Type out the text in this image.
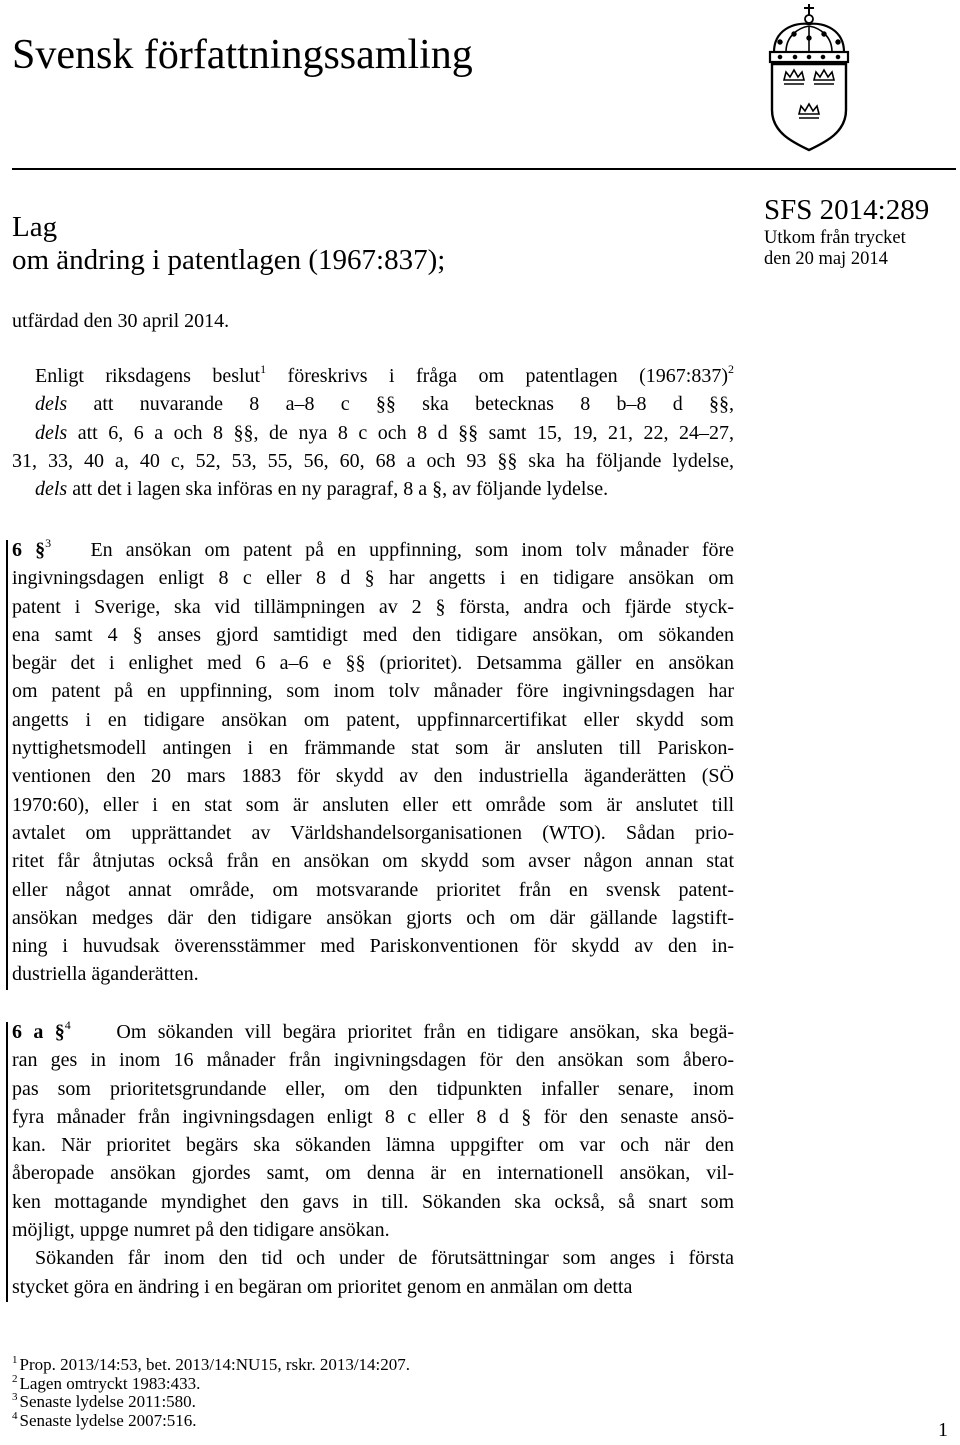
Svensk författningssamling
Lag
om ändring i patentlagen (1967:837);
SFS 2014:289
Utkom från trycket
den 20 maj 2014
utfärdad den 30 april 2014.
Enligt riksdagens beslut$^1$ föreskrivs i fråga om patentlagen (1967:837)$^2$
dels att nuvarande 8 a–8 c §§ ska betecknas 8 b–8 d §§,
dels att 6, 6 a och 8 §§, de nya 8 c och 8 d §§ samt 15, 19, 21, 22, 24–27,
31, 33, 40 a, 40 c, 52, 53, 55, 56, 60, 68 a och 93 §§ ska ha följande lydelse,
dels att det i lagen ska införas en ny paragraf, 8 a §, av följande lydelse.
6 §$^3$ En ansökan om patent på en uppfinning, som inom tolv månader före
ingivningsdagen enligt 8 c eller 8 d § har angetts i en tidigare ansökan om
patent i Sverige, ska vid tillämpningen av 2 § första, andra och fjärde styck-
ena samt 4 § anses gjord samtidigt med den tidigare ansökan, om sökanden
begär det i enlighet med 6 a–6 e §§ (prioritet). Detsamma gäller en ansökan
om patent på en uppfinning, som inom tolv månader före ingivningsdagen har
angetts i en tidigare ansökan om patent, uppfinnarcertifikat eller skydd som
nyttighetsmodell antingen i en främmande stat som är ansluten till Pariskon-
ventionen den 20 mars 1883 för skydd av den industriella äganderätten (SÖ
1970:60), eller i en stat som är ansluten eller ett område som är anslutet till
avtalet om upprättandet av Världshandelsorganisationen (WTO). Sådan prio-
ritet får åtnjutas också från en ansökan om skydd som avser någon annan stat
eller något annat område, om motsvarande prioritet från en svensk patent-
ansökan medges där den tidigare ansökan gjorts och om där gällande lagstift-
ning i huvudsak överensstämmer med Pariskonventionen för skydd av den in-
dustriella äganderätten.
6 a §$^4$ Om sökanden vill begära prioritet från en tidigare ansökan, ska begä-
ran ges in inom 16 månader från ingivningsdagen för den ansökan som åbero-
pas som prioritetsgrundande eller, om den tidpunkten infaller senare, inom
fyra månader från ingivningsdagen enligt 8 c eller 8 d § för den senaste ansö-
kan. När prioritet begärs ska sökanden lämna uppgifter om var och när den
åberopade ansökan gjordes samt, om denna är en internationell ansökan, vil-
ken mottagande myndighet den gavs in till. Sökanden ska också, så snart som
möjligt, uppge numret på den tidigare ansökan.
Sökanden får inom den tid och under de förutsättningar som anges i första
stycket göra en ändring i en begäran om prioritet genom en anmälan om detta
$^1$ Prop. 2013/14:53, bet. 2013/14:NU15, rskr. 2013/14:207.
$^2$ Lagen omtryckt 1983:433.
$^3$ Senaste lydelse 2011:580.
$^4$ Senaste lydelse 2007:516.	1
